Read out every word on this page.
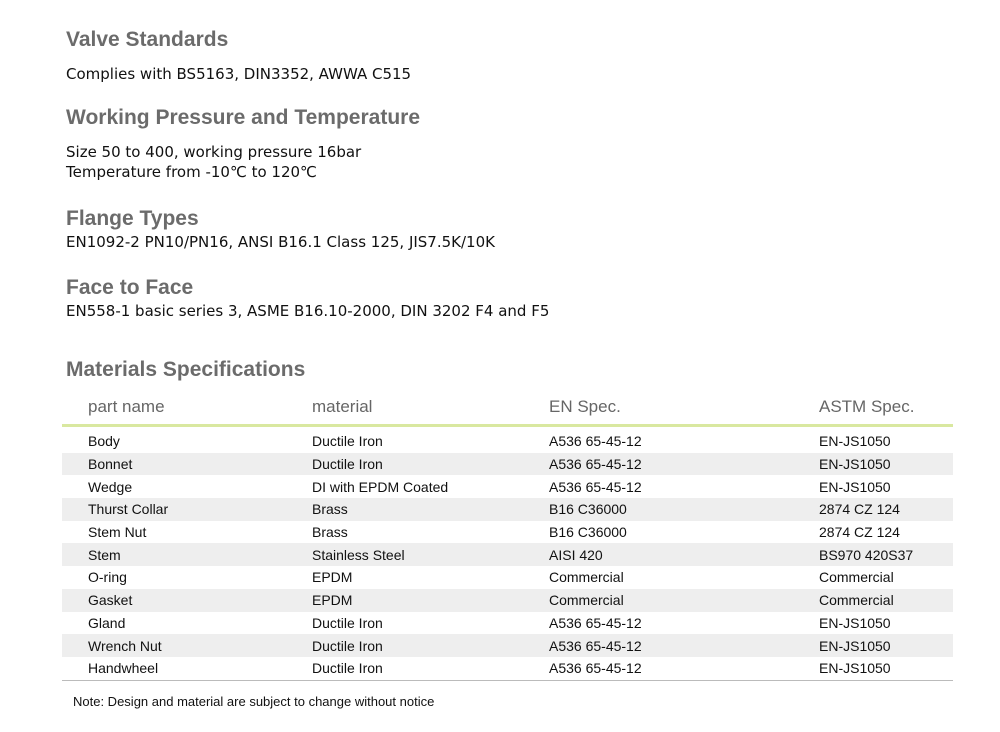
Valve Standards
Complies with BS5163, DIN3352, AWWA C515
Working Pressure and Temperature
Size 50 to 400, working pressure 16bar
Temperature from -10℃ to 120℃
Flange Types
EN1092-2 PN10/PN16, ANSI B16.1 Class 125, JIS7.5K/10K
Face to Face
EN558-1 basic series 3, ASME B16.10-2000, DIN 3202 F4 and F5
Materials Specifications
part name	material	EN Spec.	ASTM Spec.
Body	Ductile Iron	A536 65-45-12	EN-JS1050
Bonnet	Ductile Iron	A536 65-45-12	EN-JS1050
Wedge	DI with EPDM Coated	A536 65-45-12	EN-JS1050
Thurst Collar	Brass	B16 C36000	2874 CZ 124
Stem Nut	Brass	B16 C36000	2874 CZ 124
Stem	Stainless Steel	AISI 420	BS970 420S37
O-ring	EPDM	Commercial	Commercial
Gasket	EPDM	Commercial	Commercial
Gland	Ductile Iron	A536 65-45-12	EN-JS1050
Wrench Nut	Ductile Iron	A536 65-45-12	EN-JS1050
Handwheel	Ductile Iron	A536 65-45-12	EN-JS1050

Note: Design and material are subject to change without notice
